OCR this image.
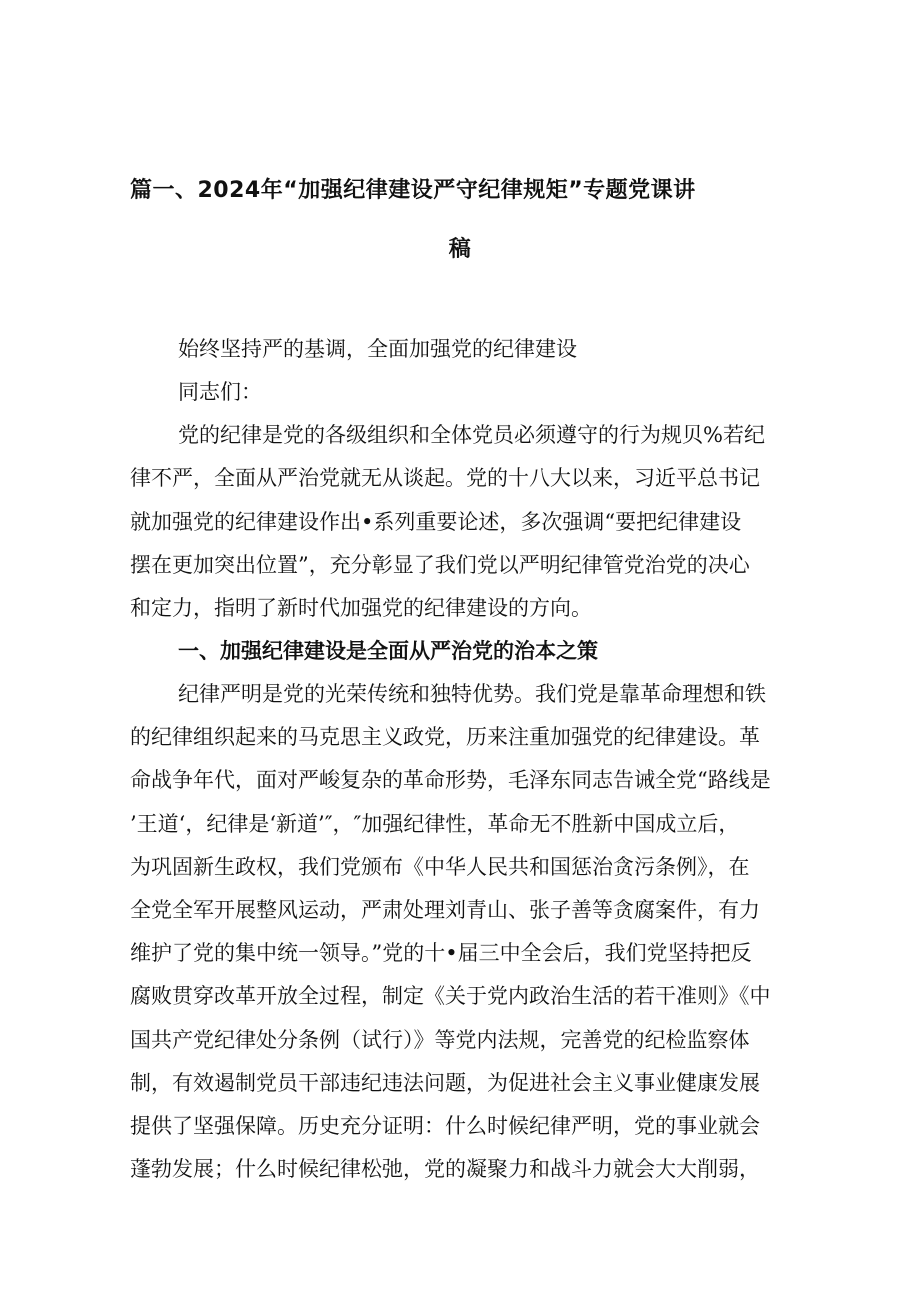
篇一、2024年“加强纪律建设严守纪律规矩”专题党课讲
稿
始终坚持严的基调，全面加强党的纪律建设
同志们：
党的纪律是党的各级组织和全体党员必须遵守的行为规贝%若纪
律不严，全面从严治党就无从谈起。党的十八大以来，习近平总书记
就加强党的纪律建设作出•系列重要论述，多次强调“要把纪律建设
摆在更加突出位置”，充分彰显了我们党以严明纪律管党治党的决心
和定力，指明了新时代加强党的纪律建设的方向。
一、加强纪律建设是全面从严治党的治本之策
纪律严明是党的光荣传统和独特优势。我们党是靠革命理想和铁
的纪律组织起来的马克思主义政党，历来注重加强党的纪律建设。革
命战争年代，面对严峻复杂的革命形势，毛泽东同志告诫全党“路线是
’王道‘，纪律是‘新道’″，″加强纪律性，革命无不胜新中国成立后，
为巩固新生政权，我们党颁布《中华人民共和国惩治贪污条例》，在
全党全军开展整风运动，严肃处理刘青山、张子善等贪腐案件，有力
维护了党的集中统一领导。”党的十•届三中全会后，我们党坚持把反
腐败贯穿改革开放全过程，制定《关于党内政治生活的若干准则》《中
国共产党纪律处分条例（试行）》等党内法规，完善党的纪检监察体
制，有效遏制党员干部违纪违法问题，为促进社会主义事业健康发展
提供了坚强保障。历史充分证明：什么时候纪律严明，党的事业就会
蓬勃发展；什么时候纪律松弛，党的凝聚力和战斗力就会大大削弱，
